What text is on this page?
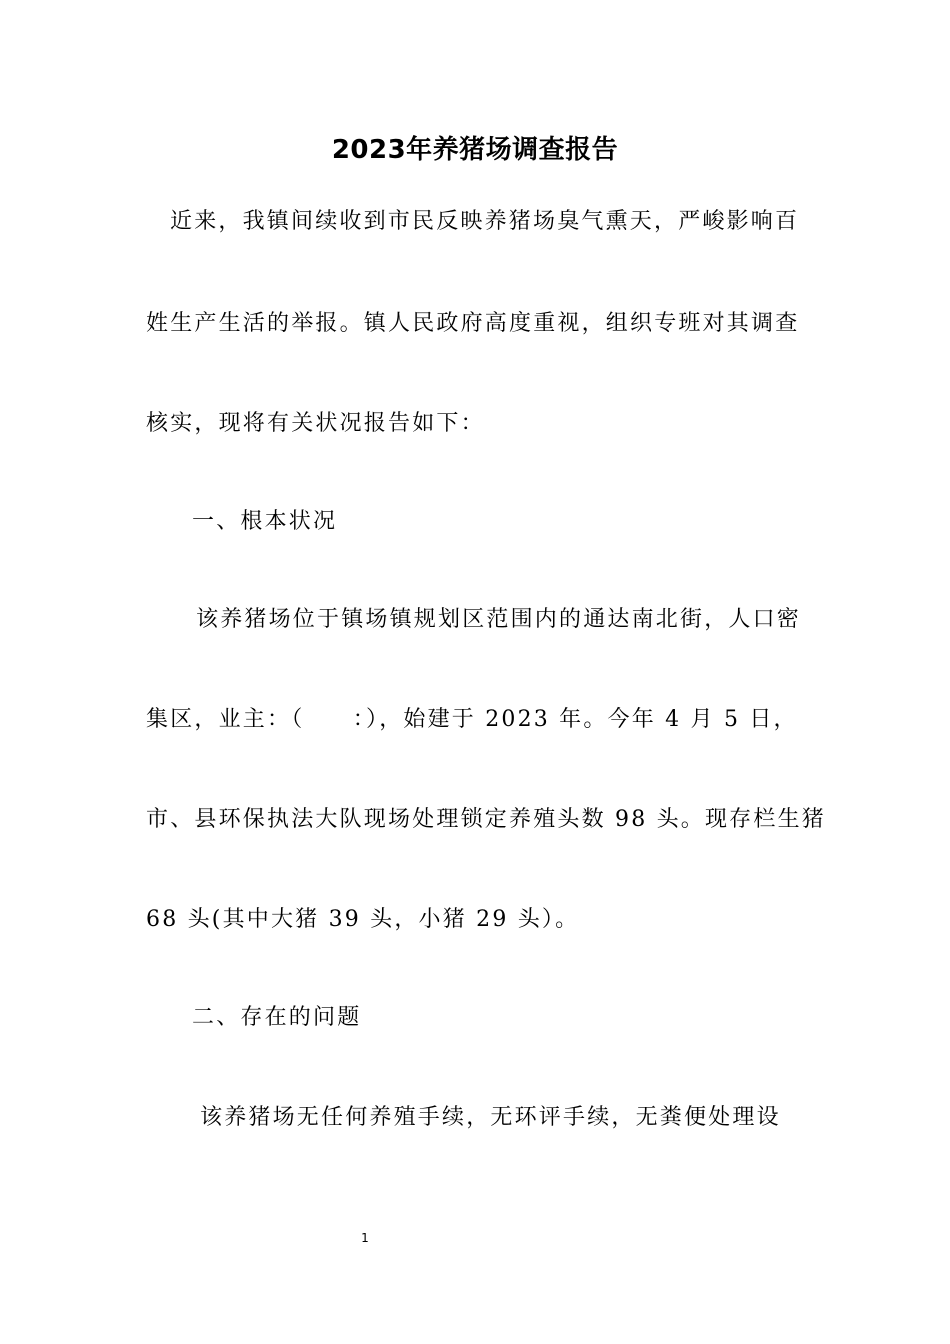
2023年养猪场调查报告
近来，我镇间续收到市民反映养猪场臭气熏天，严峻影响百
姓生产生活的举报。镇人民政府高度重视，组织专班对其调查
核实，现将有关状况报告如下：
一、根本状况
该养猪场位于镇场镇规划区范围内的通达南北街，人口密
集区，业主：（　　：），始建于 2023 年。今年 4 月 5 日，
市、县环保执法大队现场处理锁定养殖头数 98 头。现存栏生猪
68 头(其中大猪 39 头，小猪 29 头）。
二、存在的问题
该养猪场无任何养殖手续，无环评手续，无粪便处理设
1
